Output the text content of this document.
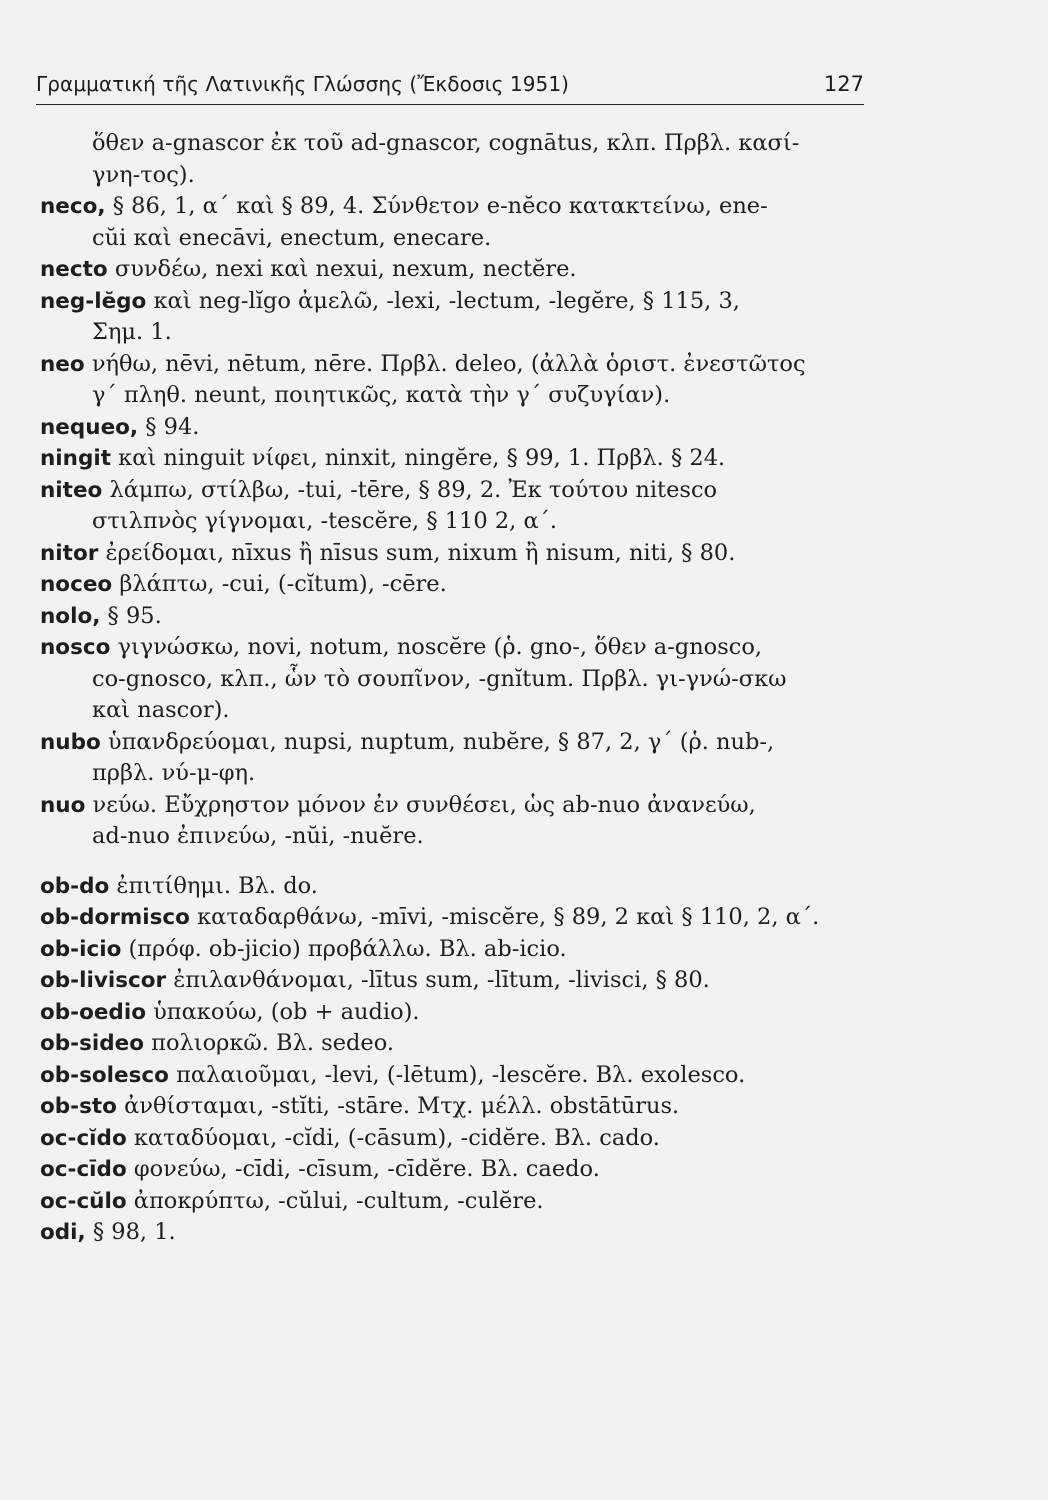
Γραμματική τῆς Λατινικῆς Γλώσσης (Ἔκδοσις 1951)	127
ὅθεν a-gnascor ἐκ τοῦ ad-gnascor, cognātus, κλπ. Πρβλ. κασί-
γνη-τος).
neco, § 86, 1, α΄ καὶ § 89, 4. Σύνθετον e-nĕco κατακτείνω, ene-
cŭi καὶ enecāvi, enectum, enecare.
necto συνδέω, nexi καὶ nexui, nexum, nectĕre.
neg-lĕgo καὶ neg-lĭgo ἀμελῶ, -lexi, -lectum, -legĕre, § 115, 3,
Σημ. 1.
neo νήθω, nēvi, nētum, nēre. Πρβλ. deleo, (ἀλλὰ ὁριστ. ἐνεστῶτος
γ΄ πληθ. neunt, ποιητικῶς, κατὰ τὴν γ΄ συζυγίαν).
nequeo, § 94.
ningit καὶ ninguit νίφει, ninxit, ningĕre, § 99, 1. Πρβλ. § 24.
niteo λάμπω, στίλβω, -tui, -tēre, § 89, 2. Ἐκ τούτου nitesco
στιλπνὸς γίγνομαι, -tescĕre, § 110 2, α΄.
nitor ἐρείδομαι, nīxus ἢ nīsus sum, nixum ἢ nisum, niti, § 80.
noceo βλάπτω, -cui, (-cĭtum), -cēre.
nolo, § 95.
nosco γιγνώσκω, novi, notum, noscĕre (ῥ. gno-, ὅθεν a-gnosco,
co-gnosco, κλπ., ὧν τὸ σουπῖνον, -gnĭtum. Πρβλ. γι-γνώ-σκω
καὶ nascor).
nubo ὑπανδρεύομαι, nupsi, nuptum, nubĕre, § 87, 2, γ΄ (ῥ. nub-,
πρβλ. νύ-μ-φη.
nuo νεύω. Εὔχρηστον μόνον ἐν συνθέσει, ὡς ab-nuo ἀνανεύω,
ad-nuo ἐπινεύω, -nŭi, -nuĕre.
ob-do ἐπιτίθημι. Βλ. do.
ob-dormisco καταδαρθάνω, -mīvi, -miscĕre, § 89, 2 καὶ § 110, 2, α΄.
ob-icio (πρόφ. ob-jicio) προβάλλω. Βλ. ab-icio.
ob-liviscor ἐπιλανθάνομαι, -lītus sum, -lītum, -livisci, § 80.
ob-oedio ὑπακούω, (ob + audio).
ob-sideo πολιορκῶ. Βλ. sedeo.
ob-solesco παλαιοῦμαι, -levi, (-lētum), -lescĕre. Βλ. exolesco.
ob-sto ἀνθίσταμαι, -stĭti, -stāre. Μτχ. μέλλ. obstātūrus.
oc-cĭdo καταδύομαι, -cĭdi, (-cāsum), -cidĕre. Βλ. cado.
oc-cīdo φονεύω, -cīdi, -cīsum, -cīdĕre. Βλ. caedo.
oc-cŭlo ἀποκρύπτω, -cŭlui, -cultum, -culĕre.
odi, § 98, 1.
